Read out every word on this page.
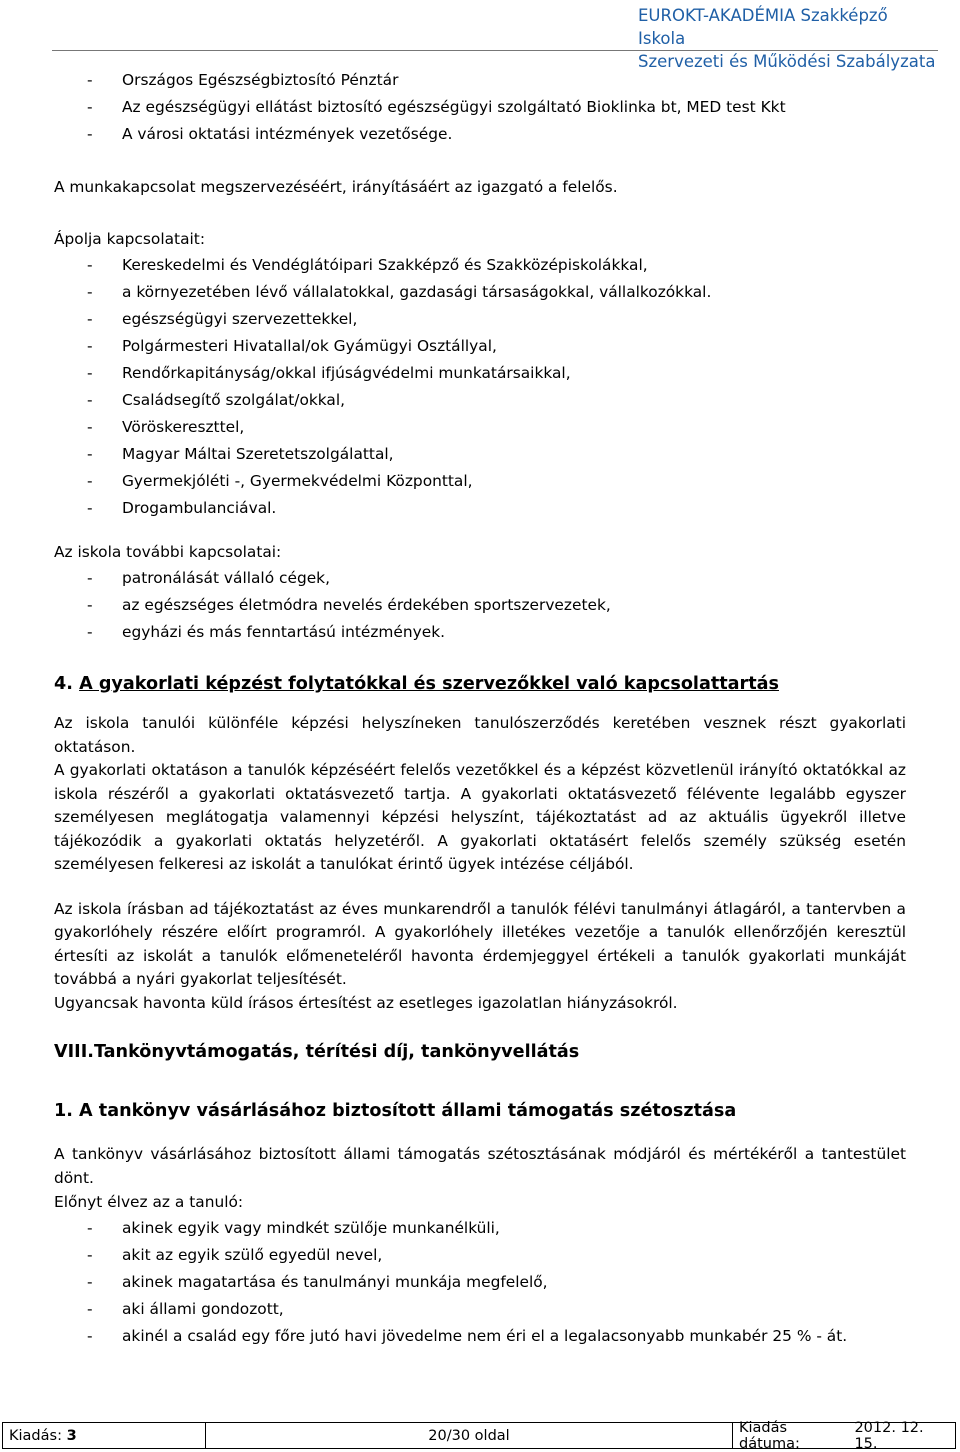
EUROKT-AKADÉMIA Szakképző Iskola
Szervezeti és Működési Szabályzata
- Országos Egészségbiztosító Pénztár
- Az egészségügyi ellátást biztosító egészségügyi szolgáltató Bioklinka bt, MED test Kkt
- A városi oktatási intézmények vezetősége.
A munkakapcsolat megszervezéséért, irányításáért az igazgató a felelős.
Ápolja kapcsolatait:
- Kereskedelmi és Vendéglátóipari Szakképző és Szakközépiskolákkal,
- a környezetében lévő vállalatokkal, gazdasági társaságokkal, vállalkozókkal.
- egészségügyi szervezettekkel,
- Polgármesteri Hivatallal/ok Gyámügyi Osztállyal,
- Rendőrkapitányság/okkal ifjúságvédelmi munkatársaikkal,
- Családsegítő szolgálat/okkal,
- Vöröskereszttel,
- Magyar Máltai Szeretetszolgálattal,
- Gyermekjóléti -, Gyermekvédelmi Központtal,
- Drogambulanciával.
Az iskola további kapcsolatai:
- patronálását vállaló cégek,
- az egészséges életmódra nevelés érdekében sportszervezetek,
- egyházi és más fenntartású intézmények.
4. A gyakorlati képzést folytatókkal és szervezőkkel való kapcsolattartás
Az iskola tanulói különféle képzési helyszíneken tanulószerződés keretében vesznek részt gyakorlati oktatáson.
A gyakorlati oktatáson a tanulók képzéséért felelős vezetőkkel és a képzést közvetlenül irányító oktatókkal az iskola részéről a gyakorlati oktatásvezető tartja. A gyakorlati oktatásvezető félévente legalább egyszer személyesen meglátogatja valamennyi képzési helyszínt, tájékoztatást ad az aktuális ügyekről illetve tájékozódik a gyakorlati oktatás helyzetéről. A gyakorlati oktatásért felelős személy szükség esetén személyesen felkeresi az iskolát a tanulókat érintő ügyek intézése céljából.
Az iskola írásban ad tájékoztatást az éves munkarendről a tanulók félévi tanulmányi átlagáról, a tantervben a gyakorlóhely részére előírt programról. A gyakorlóhely illetékes vezetője a tanulók ellenőrzőjén keresztül értesíti az iskolát a tanulók előmeneteléről havonta érdemjeggyel értékeli a tanulók gyakorlati munkáját továbbá a nyári gyakorlat teljesítését.
Ugyancsak havonta küld írásos értesítést az esetleges igazolatlan hiányzásokról.
VIII.Tankönyvtámogatás, térítési díj, tankönyvellátás
1. A tankönyv vásárlásához biztosított állami támogatás szétosztása
A tankönyv vásárlásához biztosított állami támogatás szétosztásának módjáról és mértékéről a tantestület dönt.
Előnyt élvez az a tanuló:
- akinek egyik vagy mindkét szülője munkanélküli,
- akit az egyik szülő egyedül nevel,
- akinek magatartása és tanulmányi munkája megfelelő,
- aki állami gondozott,
- akinél a család egy főre jutó havi jövedelme nem éri el a legalacsonyabb munkabér 25 % - át.
Kiadás:
3	20/30 oldal	Kiadás dátuma:

2012. 12. 15.
